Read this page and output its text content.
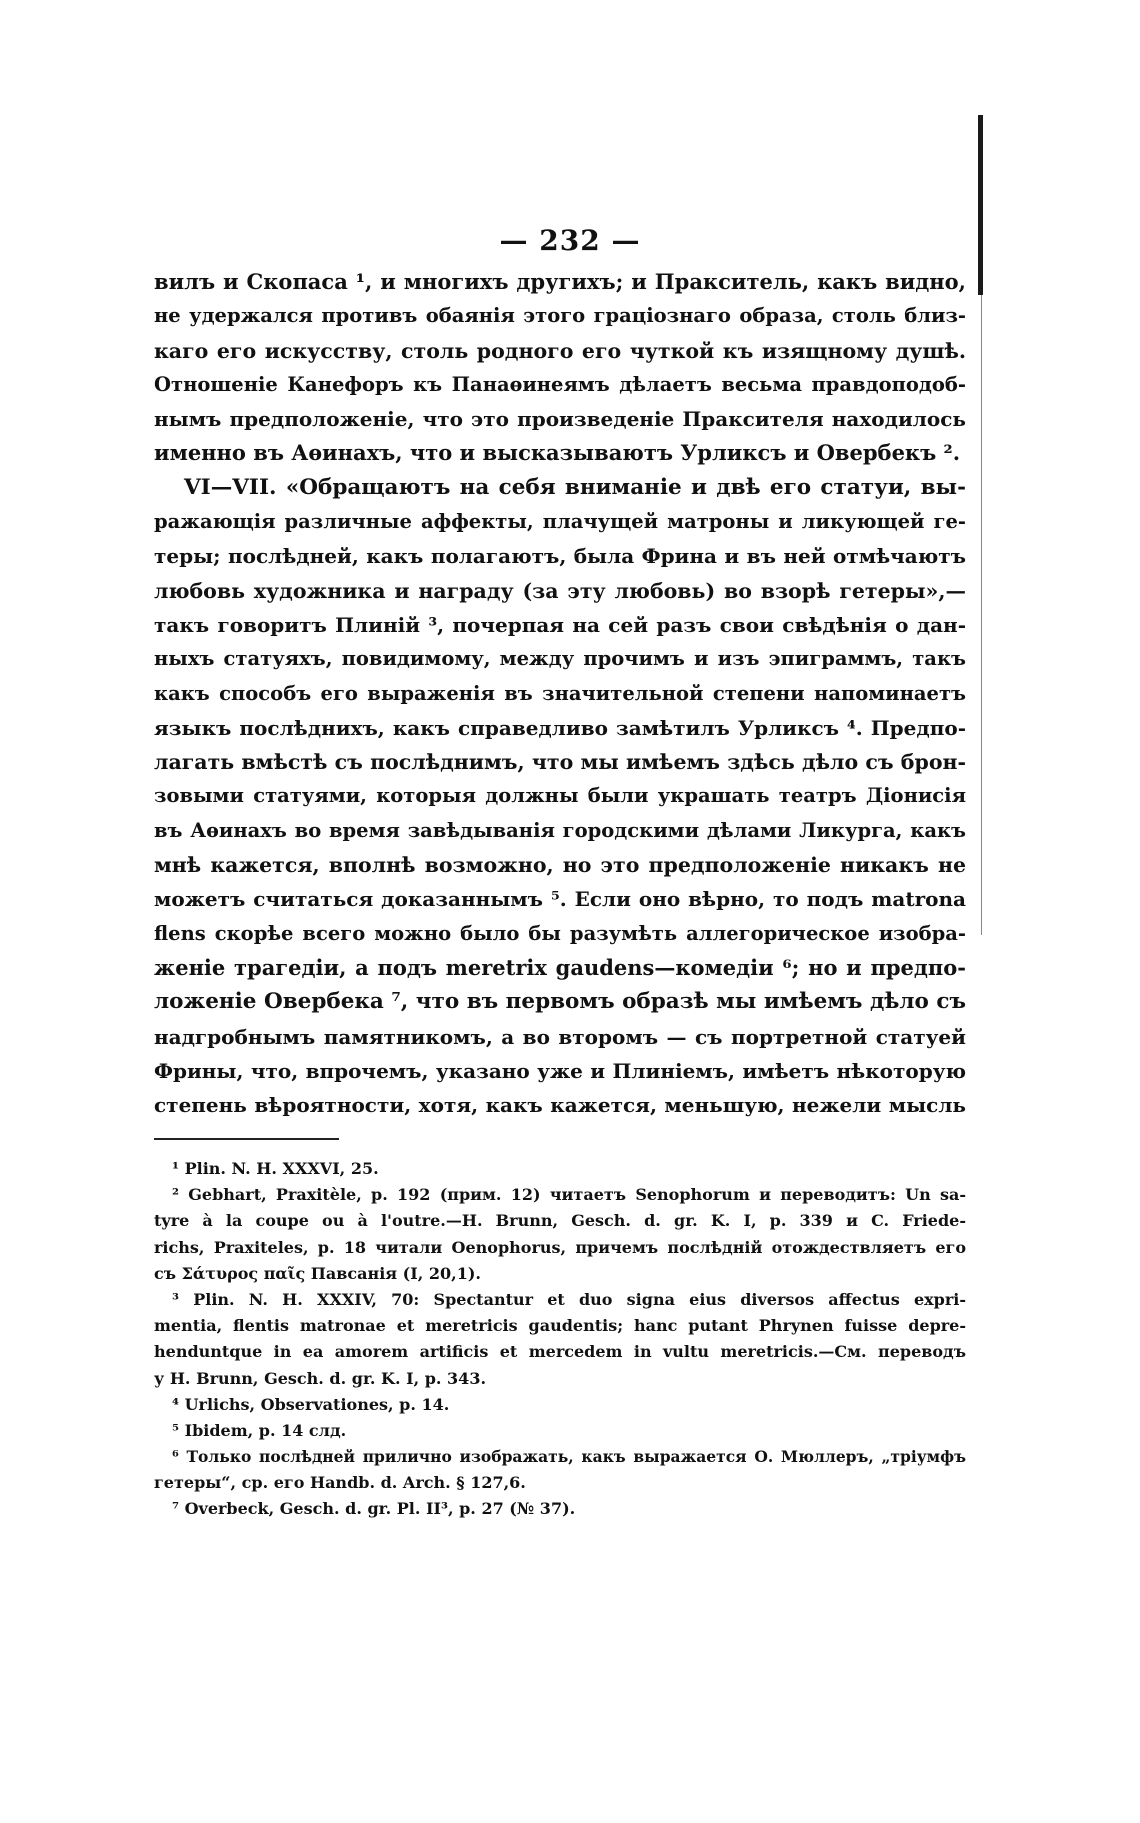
— 232 —
вилъ и Скопаса ¹, и многихъ другихъ; и Пракситель, какъ видно,
не удержался противъ обаянія этого граціознаго образа, столь близ-
каго его искусству, столь родного его чуткой къ изящному душѣ.
Отношеніе Канефоръ къ Панаѳинеямъ дѣлаетъ весьма правдоподоб-
нымъ предположеніе, что это произведеніе Праксителя находилось
именно въ Аѳинахъ, что и высказываютъ Урликсъ и Овербекъ ².
VI—VII. «Обращаютъ на себя вниманіе и двѣ его статуи, вы-
ражающія различные аффекты, плачущей матроны и ликующей ге-
теры; послѣдней, какъ полагаютъ, была Фрина и въ ней отмѣчаютъ
любовь художника и награду (за эту любовь) во взорѣ гетеры»,—
такъ говоритъ Плиній ³, почерпая на сей разъ свои свѣдѣнія о дан-
ныхъ статуяхъ, повидимому, между прочимъ и изъ эпиграммъ, такъ
какъ способъ его выраженія въ значительной степени напоминаетъ
языкъ послѣднихъ, какъ справедливо замѣтилъ Урликсъ ⁴. Предпо-
лагать вмѣстѣ съ послѣднимъ, что мы имѣемъ здѣсь дѣло съ брон-
зовыми статуями, которыя должны были украшать театръ Діонисія
въ Аѳинахъ во время завѣдыванія городскими дѣлами Ликурга, какъ
мнѣ кажется, вполнѣ возможно, но это предположеніе никакъ не
можетъ считаться доказаннымъ ⁵. Если оно вѣрно, то подъ matrona
flens скорѣе всего можно было бы разумѣть аллегорическое изобра-
женіе трагедіи, а подъ meretrix gaudens—комедіи ⁶; но и предпо-
ложеніе Овербека ⁷, что въ первомъ образѣ мы имѣемъ дѣло съ
надгробнымъ памятникомъ, а во второмъ — съ портретной статуей
Фрины, что, впрочемъ, указано уже и Плиніемъ, имѣетъ нѣкоторую
степень вѣроятности, хотя, какъ кажется, меньшую, нежели мысль
¹ Plin. N. H. XXXVI, 25.
² Gebhart, Praxitèle, p. 192 (прим. 12) читаетъ Senophorum и переводитъ: Un sa-
tyre à la coupe ou à l'outre.—H. Brunn, Gesch. d. gr. K. I, p. 339 и C. Friede-
richs, Praxiteles, p. 18 читали Oenophorus, причемъ послѣдній отождествляетъ его
съ Σάτυρος παῖς Павсанія (I, 20,1).
³ Plin. N. H. XXXIV, 70: Spectantur et duo signa eius diversos affectus expri-
mentia, flentis matronae et meretricis gaudentis; hanc putant Phrynen fuisse depre-
henduntque in ea amorem artificis et mercedem in vultu meretricis.—См. переводъ
у H. Brunn, Gesch. d. gr. K. I, p. 343.
⁴ Urlichs, Observationes, p. 14.
⁵ Ibidem, p. 14 слд.
⁶ Только послѣдней прилично изображать, какъ выражается О. Мюллеръ, „тріумфъ
гетеры“, ср. его Handb. d. Arch. § 127,6.
⁷ Overbeck, Gesch. d. gr. Pl. II³, p. 27 (№ 37).
